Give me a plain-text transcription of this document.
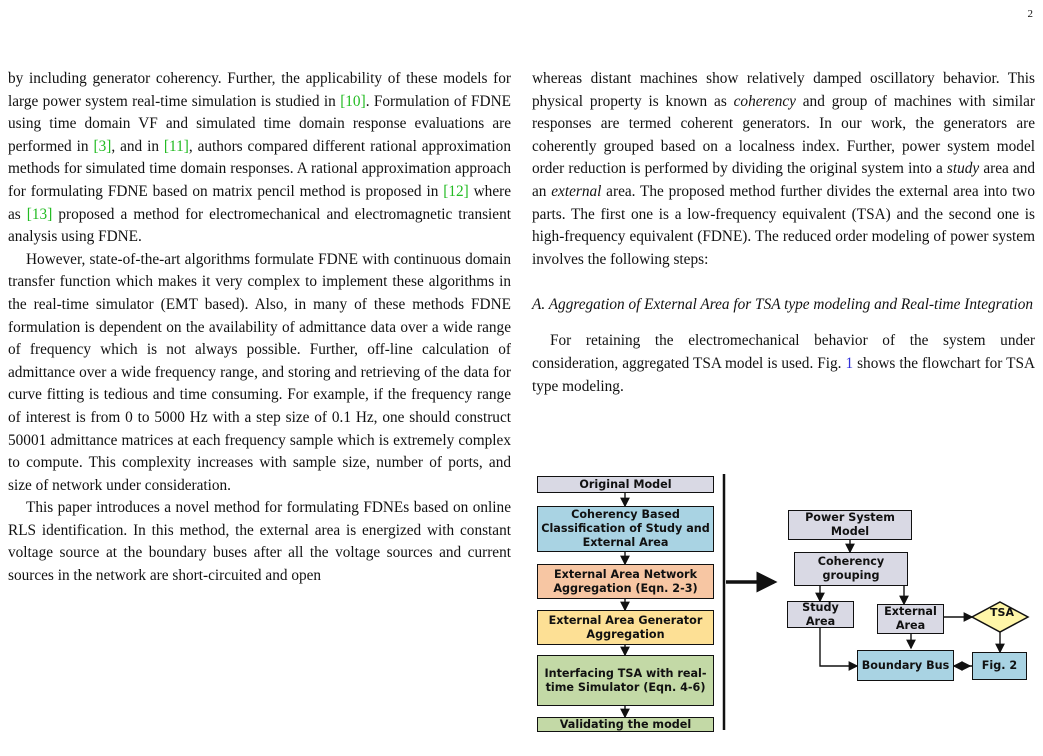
2

by including generator coherency. Further, the applicability of these models for large power system real-time simulation is studied in [10]. Formulation of FDNE using time domain VF and simulated time domain response evaluations are performed in [3], and in [11], authors compared different rational approximation methods for simulated time domain responses. A rational approximation approach for formulating FDNE based on matrix pencil method is proposed in [12] where as [13] proposed a method for electromechanical and electromagnetic transient analysis using FDNE.

However, state-of-the-art algorithms formulate FDNE with continuous domain transfer function which makes it very complex to implement these algorithms in the real-time simulator (EMT based). Also, in many of these methods FDNE formulation is dependent on the availability of admittance data over a wide range of frequency which is not always possible. Further, off-line calculation of admittance over a wide frequency range, and storing and retrieving of the data for curve fitting is tedious and time consuming. For example, if the frequency range of interest is from 0 to 5000 Hz with a step size of 0.1 Hz, one should construct 50001 admittance matrices at each frequency sample which is extremely complex to compute. This complexity increases with sample size, number of ports, and size of network under consideration.

This paper introduces a novel method for formulating FDNEs based on online RLS identification. In this method, the external area is energized with constant voltage source at the boundary buses after all the voltage sources and current sources in the network are short-circuited and open

whereas distant machines show relatively damped oscillatory behavior. This physical property is known as coherency and group of machines with similar responses are termed coherent generators. In our work, the generators are coherently grouped based on a localness index. Further, power system model order reduction is performed by dividing the original system into a study area and an external area. The proposed method further divides the external area into two parts. The first one is a low-frequency equivalent (TSA) and the second one is high-frequency equivalent (FDNE). The reduced order modeling of power system involves the following steps:

A. Aggregation of External Area for TSA type modeling and Real-time Integration

For retaining the electromechanical behavior of the system under consideration, aggregated TSA model is used. Fig. 1 shows the flowchart for TSA type modeling.

Original Model
Coherency Based Classification of Study and External Area
External Area Network Aggregation (Eqn. 2-3)
External Area Generator Aggregation
Interfacing TSA with real-time Simulator (Eqn. 4-6)
Validating the model
Power System Model
Coherency grouping
Study Area
External Area
TSA
Boundary Bus	Fig. 2
